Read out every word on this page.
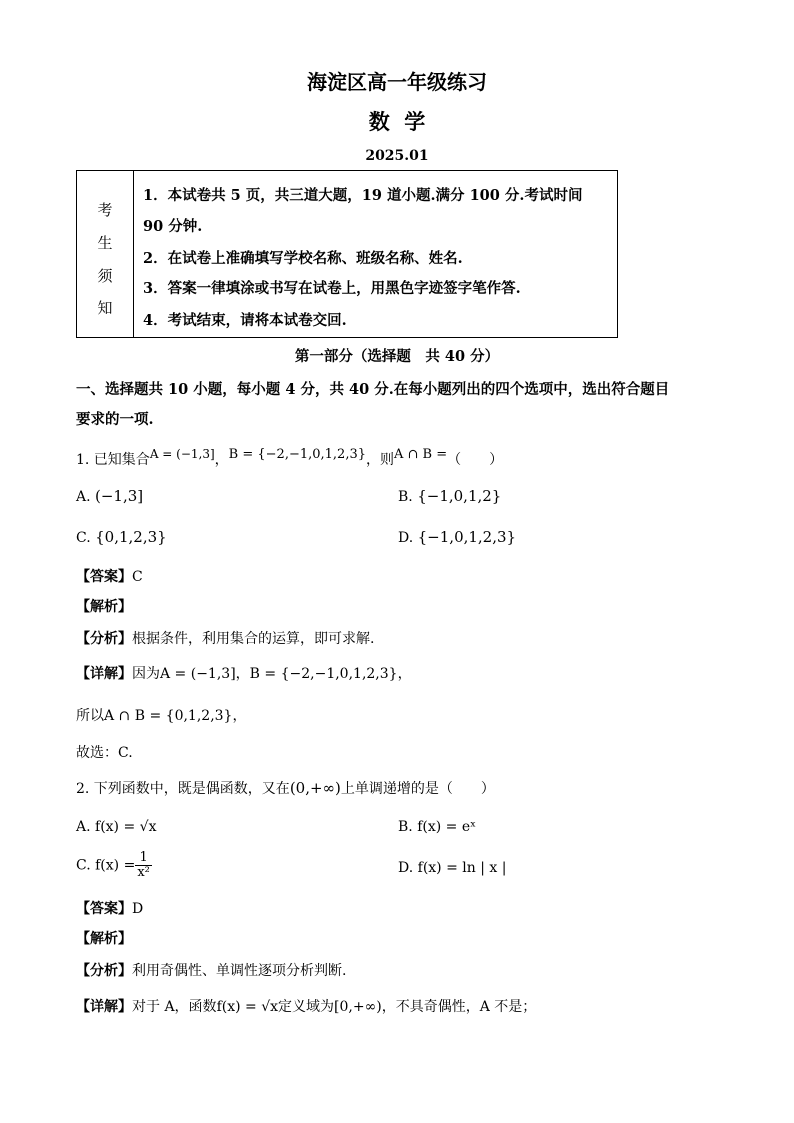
海淀区高一年级练习
数  学
2025.01
考
生
须
知
1．本试卷共 5 页，共三道大题，19 道小题.满分 100 分.考试时间
90 分钟.
2．在试卷上准确填写学校名称、班级名称、姓名.
3．答案一律填涂或书写在试卷上，用黑色字迹签字笔作答.
4．考试结束，请将本试卷交回.
第一部分（选择题　共 40 分）
一、选择题共 10 小题，每小题 4 分，共 40 分.在每小题列出的四个选项中，选出符合题目
要求的一项.
1. 已知集合A = (−1,3]，B = {−2,−1,0,1,2,3}，则A ∩ B =（　　）
A. (−1,3]	B. {−1,0,1,2}
C. {0,1,2,3}	D. {−1,0,1,2,3}
【答案】C
【解析】
【分析】根据条件，利用集合的运算，即可求解.
【详解】因为A = (−1,3]，B = {−2,−1,0,1,2,3}，
所以A ∩ B = {0,1,2,3}，
故选：C.
2. 下列函数中，既是偶函数，又在(0,+∞)上单调递增的是（　　）
A. f(x) = √x	B. f(x) = eˣ
C. $f(x) = \frac{1}{\text{x²}}$	D. f(x) = ln | x |
【答案】D
【解析】
【分析】利用奇偶性、单调性逐项分析判断.
【详解】对于 A，函数f(x) = √x定义域为[0,+∞)，不具奇偶性，A 不是；
